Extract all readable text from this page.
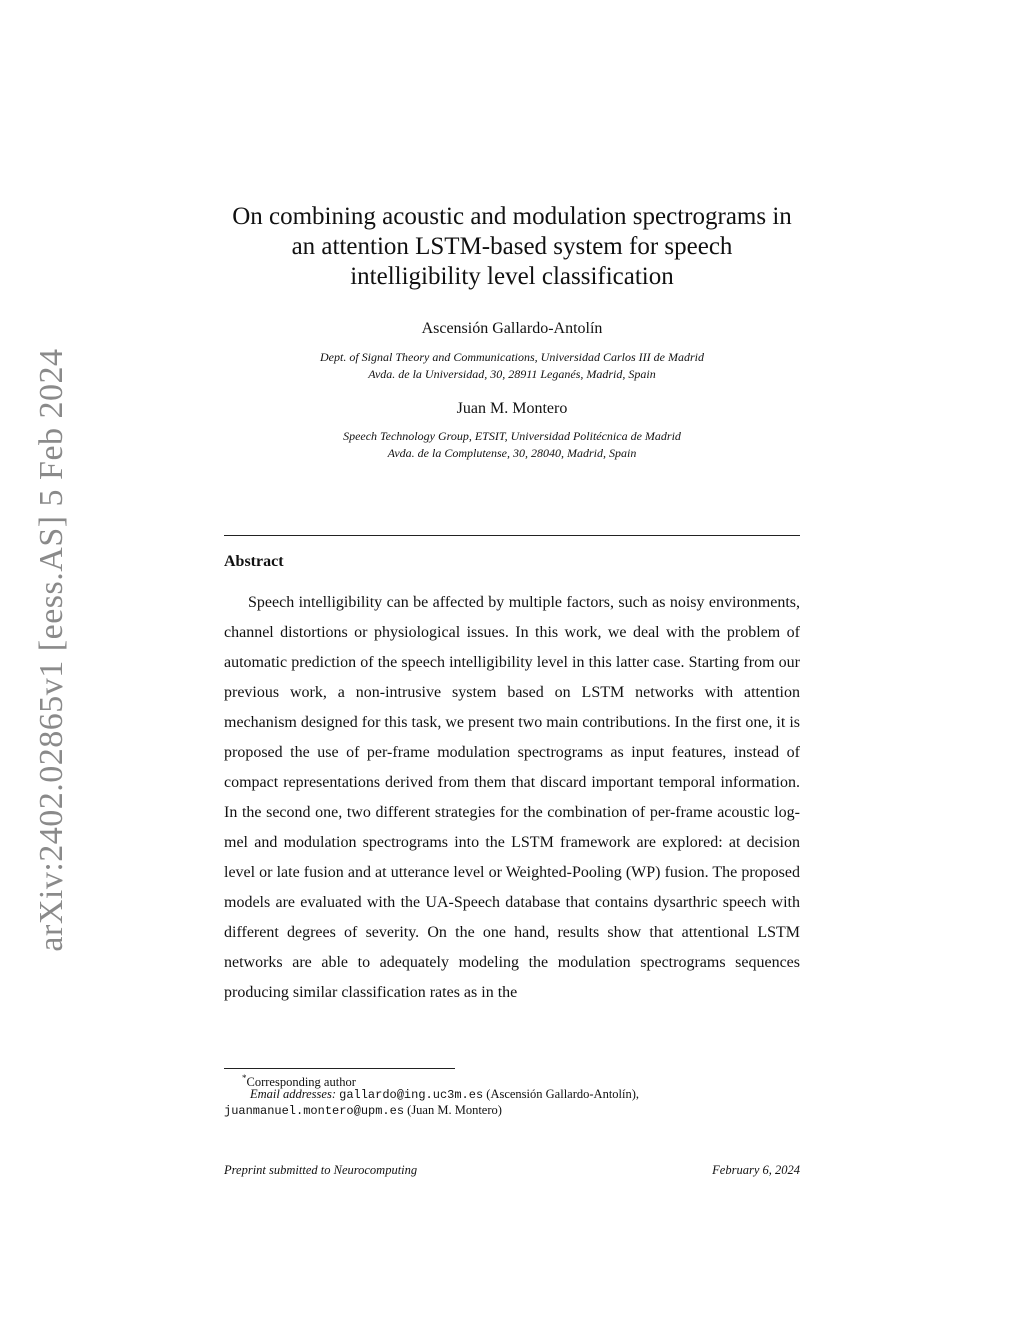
arXiv:2402.02865v1 [eess.AS] 5 Feb 2024
On combining acoustic and modulation spectrograms in
an attention LSTM-based system for speech
intelligibility level classification
Ascensión Gallardo-Antolín
Dept. of Signal Theory and Communications, Universidad Carlos III de Madrid
Avda. de la Universidad, 30, 28911 Leganés, Madrid, Spain
Juan M. Montero
Speech Technology Group, ETSIT, Universidad Politécnica de Madrid
Avda. de la Complutense, 30, 28040, Madrid, Spain
Abstract

Speech intelligibility can be affected by multiple factors, such as noisy environments, channel distortions or physiological issues. In this work, we deal with the problem of automatic prediction of the speech intelligibility level in this latter case. Starting from our previous work, a non-intrusive system based on LSTM networks with attention mechanism designed for this task, we present two main contributions. In the first one, it is proposed the use of per-frame modulation spectrograms as input features, instead of compact representations derived from them that discard important temporal information. In the second one, two different strategies for the combination of per-frame acoustic log-mel and modulation spectrograms into the LSTM framework are explored: at decision level or late fusion and at utterance level or Weighted-Pooling (WP) fusion. The proposed models are evaluated with the UA-Speech database that contains dysarthric speech with different degrees of severity. On the one hand, results show that attentional LSTM networks are able to adequately modeling the modulation spectrograms sequences producing similar classification rates as in the

*Corresponding author
Email addresses: gallardo@ing.uc3m.es (Ascensión Gallardo-Antolín),
juanmanuel.montero@upm.es (Juan M. Montero)
Preprint submitted to Neurocomputing	February 6, 2024
